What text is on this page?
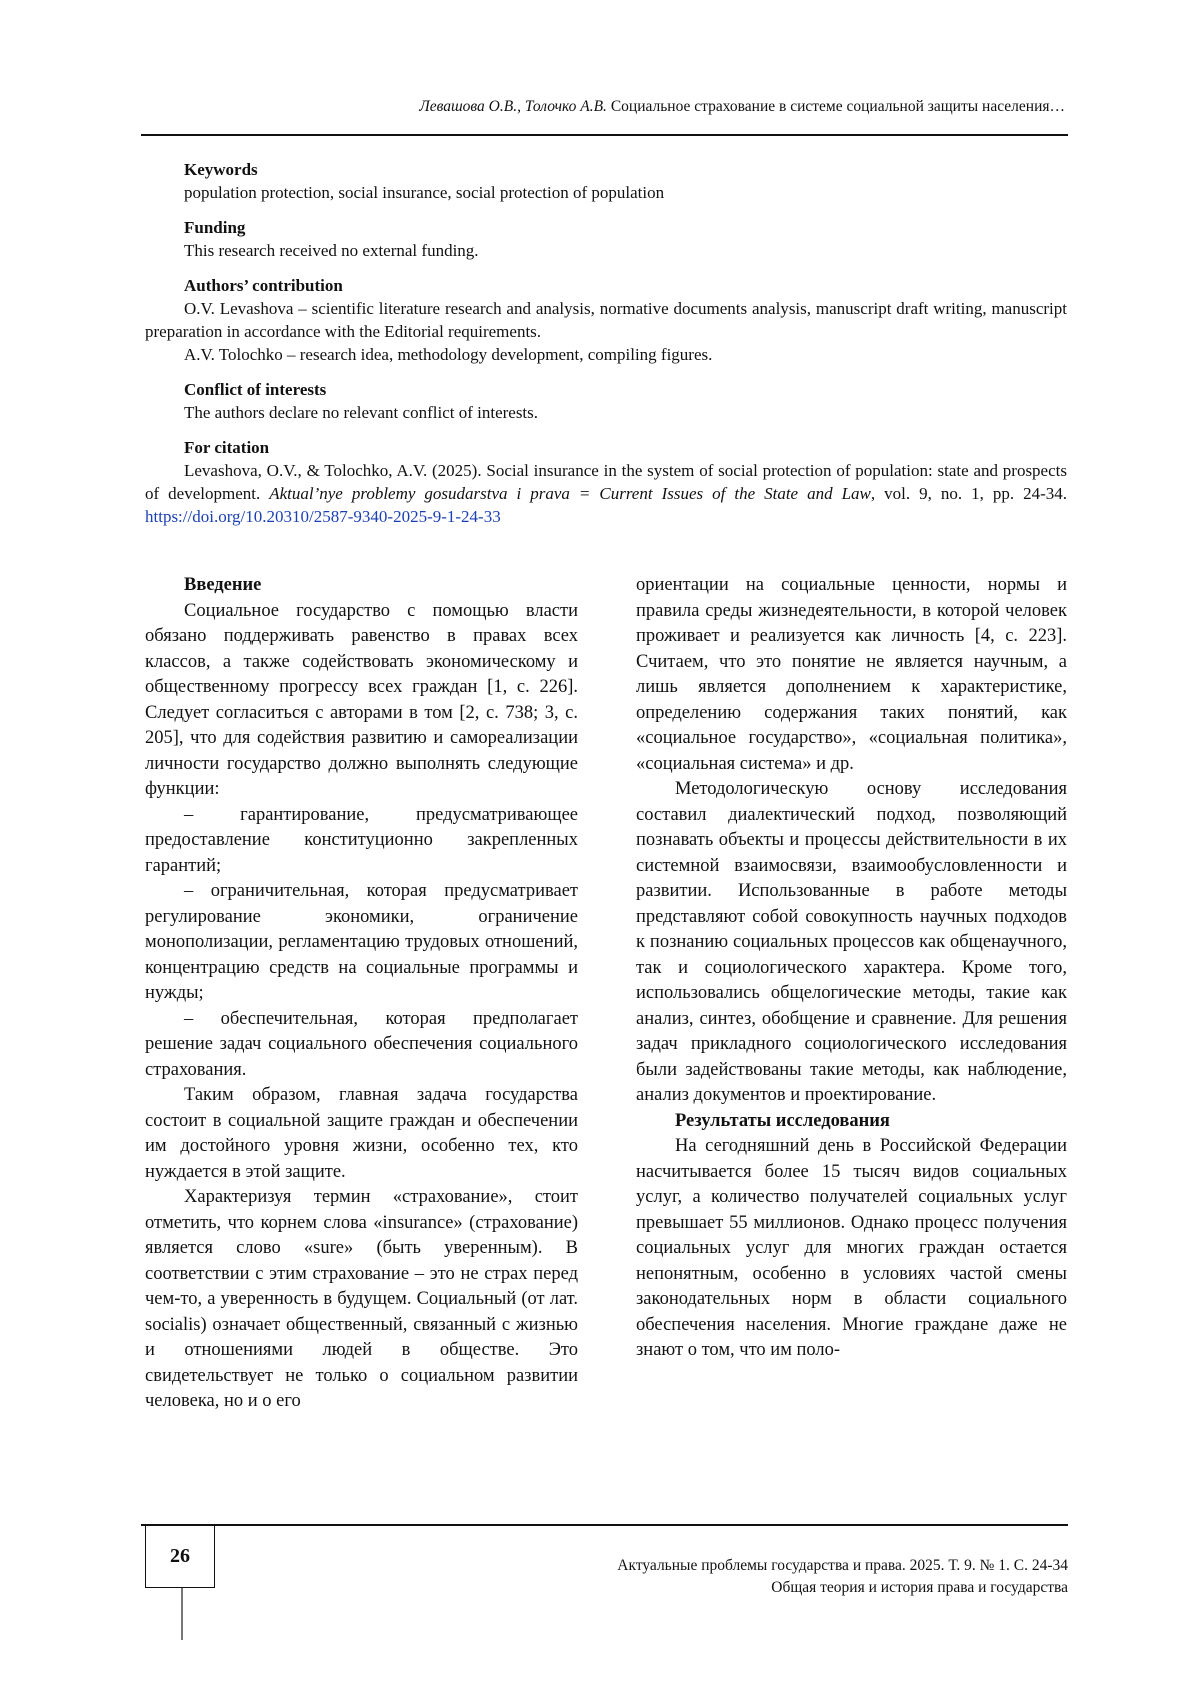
Левашова О.В., Толочко А.В. Социальное страхование в системе социальной защиты населения…
Keywords
population protection, social insurance, social protection of population
Funding
This research received no external funding.
Authors’ contribution
O.V. Levashova – scientific literature research and analysis, normative documents analysis, manuscript draft writing, manuscript preparation in accordance with the Editorial requirements.
A.V. Tolochko – research idea, methodology development, compiling figures.
Conflict of interests
The authors declare no relevant conflict of interests.
For citation
Levashova, O.V., & Tolochko, A.V. (2025). Social insurance in the system of social protection of population: state and prospects of development. Aktual’nye problemy gosudarstva i prava = Current Issues of the State and Law, vol. 9, no. 1, pp. 24-34. https://doi.org/10.20310/2587-9340-2025-9-1-24-33
Введение

Социальное государство с помощью власти обязано поддерживать равенство в правах всех классов, а также содействовать экономическому и общественному прогрессу всех граждан [1, с. 226]. Следует согласиться с авторами в том [2, с. 738; 3, с. 205], что для содействия развитию и самореализации личности государство должно выполнять следующие функции:

– гарантирование, предусматривающее предоставление конституционно закрепленных гарантий;

– ограничительная, которая предусматривает регулирование экономики, ограничение монополизации, регламентацию трудовых отношений, концентрацию средств на социальные программы и нужды;

– обеспечительная, которая предполагает решение задач социального обеспечения социального страхования.

Таким образом, главная задача государства состоит в социальной защите граждан и обеспечении им достойного уровня жизни, особенно тех, кто нуждается в этой защите.

Характеризуя термин «страхование», стоит отметить, что корнем слова «insurance» (страхование) является слово «sure» (быть уверенным). В соответствии с этим страхование – это не страх перед чем-то, а уверенность в будущем. Социальный (от лат. socialis) означает общественный, связанный с жизнью и отношениями людей в обществе. Это свидетельствует не только о социальном развитии человека, но и о его

ориентации на социальные ценности, нормы и правила среды жизнедеятельности, в которой человек проживает и реализуется как личность [4, с. 223]. Считаем, что это понятие не является научным, а лишь является дополнением к характеристике, определению содержания таких понятий, как «социальное государство», «социальная политика», «социальная система» и др.

Методологическую основу исследования составил диалектический подход, позволяющий познавать объекты и процессы действительности в их системной взаимосвязи, взаимообусловленности и развитии. Использованные в работе методы представляют собой совокупность научных подходов к познанию социальных процессов как общенаучного, так и социологического характера. Кроме того, использовались общелогические методы, такие как анализ, синтез, обобщение и сравнение. Для решения задач прикладного социологического исследования были задействованы такие методы, как наблюдение, анализ документов и проектирование.

Результаты исследования

На сегодняшний день в Российской Федерации насчитывается более 15 тысяч видов социальных услуг, а количество получателей социальных услуг превышает 55 миллионов. Однако процесс получения социальных услуг для многих граждан остается непонятным, особенно в условиях частой смены законодательных норм в области социального обеспечения населения. Многие граждане даже не знают о том, что им поло-

26	Актуальные проблемы государства и права. 2025. Т. 9. № 1. С. 24-34
Общая теория и история права и государства
